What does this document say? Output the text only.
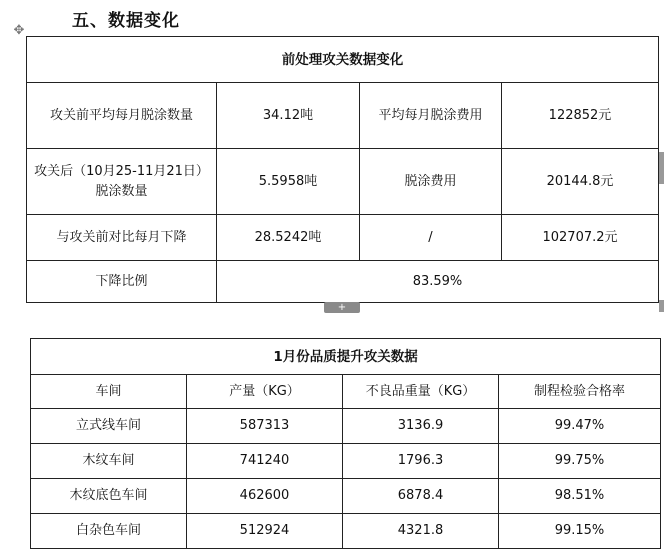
五、数据变化
✥
前处理攻关数据变化			
攻关前平均每月脱涂数量	34.12吨	平均每月脱涂费用	122852元
攻关后（10月25-11月21日）脱涂数量	5.5958吨	脱涂费用	20144.8元
与攻关前对比每月下降	28.5242吨	/	102707.2元
下降比例	83.59%		
+
1月份品质提升攻关数据			
车间	产量（KG）	不良品重量（KG）	制程检验合格率
立式线车间	587313	3136.9	99.47%
木纹车间	741240	1796.3	99.75%
木纹底色车间	462600	6878.4	98.51%
白杂色车间	512924	4321.8	99.15%
